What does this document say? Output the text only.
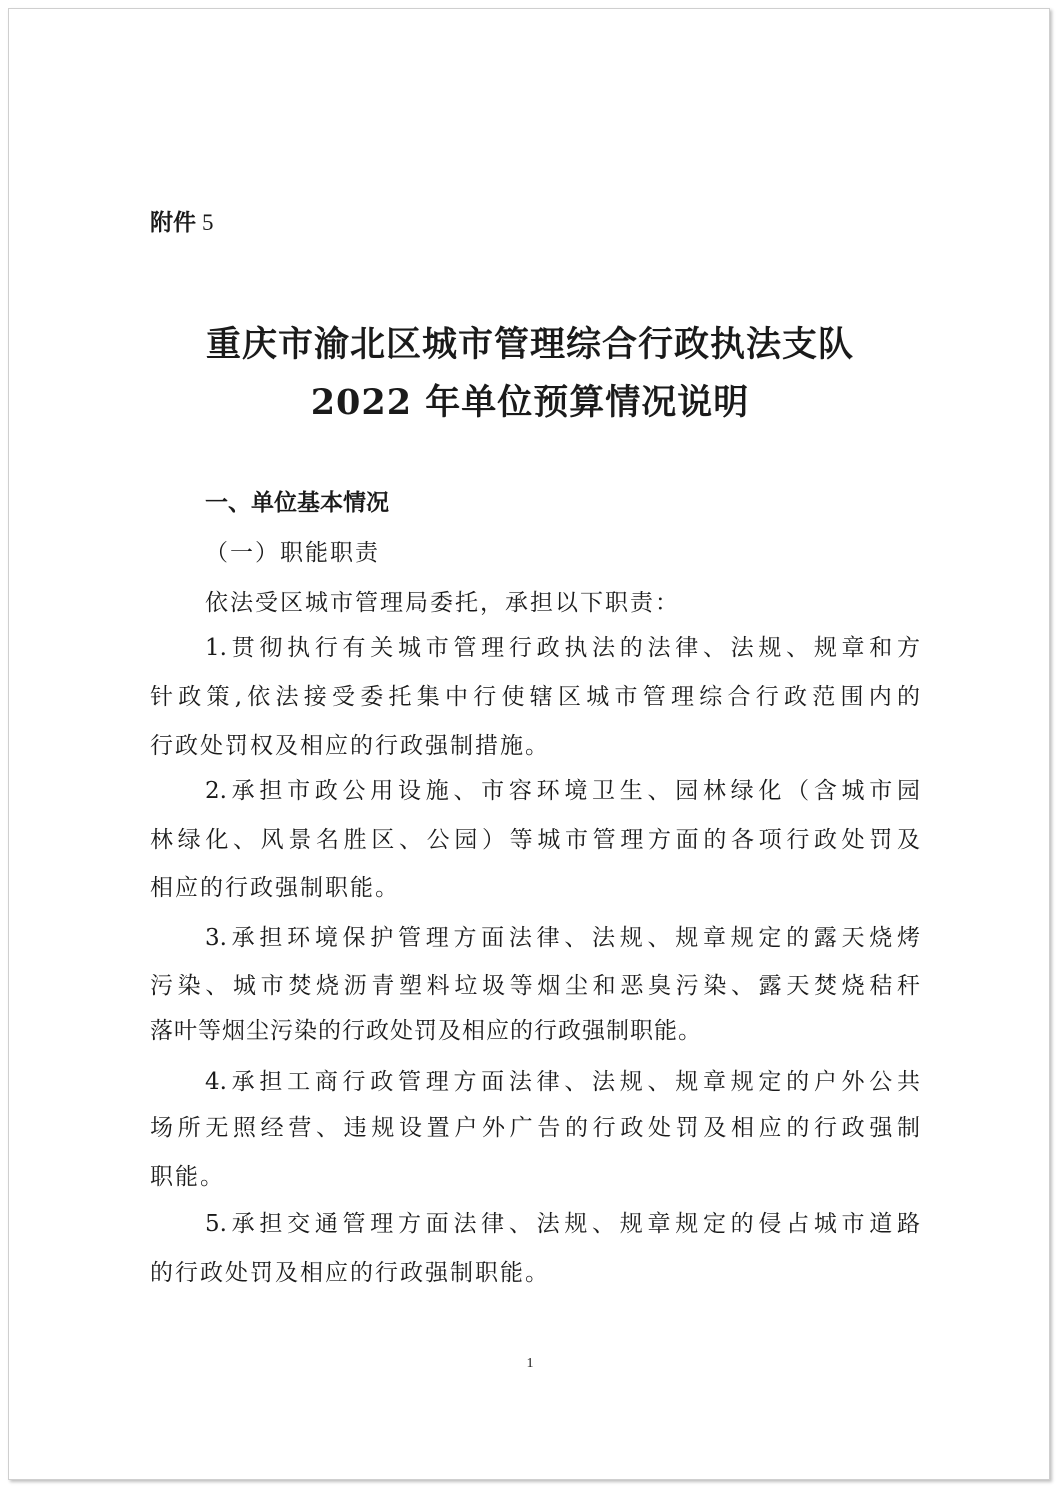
附件 5
重庆市渝北区城市管理综合行政执法支队
2022 年单位预算情况说明
一、单位基本情况
（一）职能职责
依法受区城市管理局委托，承担以下职责：
1.贯彻执行有关城市管理行政执法的法律、法规、规章和方
针政策,依法接受委托集中行使辖区城市管理综合行政范围内的
行政处罚权及相应的行政强制措施。
2.承担市政公用设施、市容环境卫生、园林绿化（含城市园
林绿化、风景名胜区、公园）等城市管理方面的各项行政处罚及
相应的行政强制职能。
3.承担环境保护管理方面法律、法规、规章规定的露天烧烤
污染、城市焚烧沥青塑料垃圾等烟尘和恶臭污染、露天焚烧秸秆
落叶等烟尘污染的行政处罚及相应的行政强制职能。
4.承担工商行政管理方面法律、法规、规章规定的户外公共
场所无照经营、违规设置户外广告的行政处罚及相应的行政强制
职能。
5.承担交通管理方面法律、法规、规章规定的侵占城市道路
的行政处罚及相应的行政强制职能。
1
